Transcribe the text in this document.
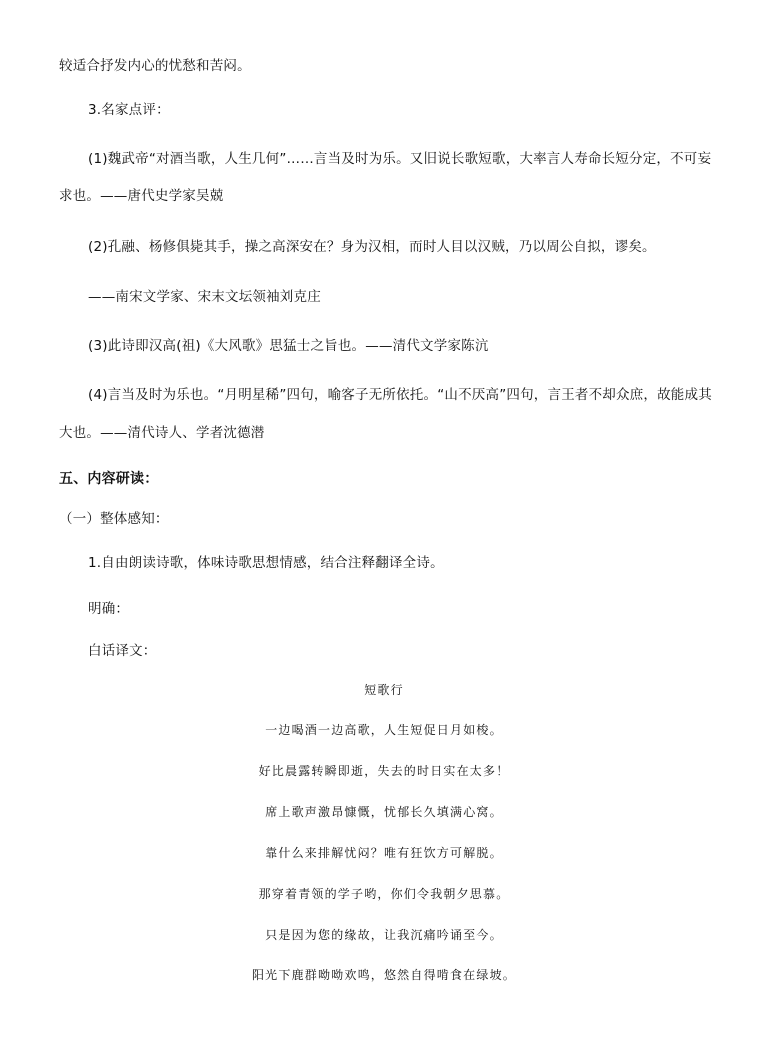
较适合抒发内心的忧愁和苦闷。
3.名家点评：
(1)魏武帝“对酒当歌，人生几何”……言当及时为乐。又旧说长歌短歌，大率言人寿命长短分定，不可妄
求也。——唐代史学家吴兢
(2)孔融、杨修俱毙其手，操之高深安在？身为汉相，而时人目以汉贼，乃以周公自拟，谬矣。
——南宋文学家、宋末文坛领袖刘克庄
(3)此诗即汉高(祖)《大风歌》思猛士之旨也。——清代文学家陈沆
(4)言当及时为乐也。“月明星稀”四句，喻客子无所依托。“山不厌高”四句，言王者不却众庶，故能成其
大也。——清代诗人、学者沈德潜
五、内容研读：
（一）整体感知：
1.自由朗读诗歌，体味诗歌思想情感，结合注释翻译全诗。
明确：
白话译文：
短歌行
一边喝酒一边高歌，人生短促日月如梭。
好比晨露转瞬即逝，失去的时日实在太多！
席上歌声激昂慷慨，忧郁长久填满心窝。
靠什么来排解忧闷？唯有狂饮方可解脱。
那穿着青领的学子哟，你们令我朝夕思慕。
只是因为您的缘故，让我沉痛吟诵至今。
阳光下鹿群呦呦欢鸣，悠然自得啃食在绿坡。
